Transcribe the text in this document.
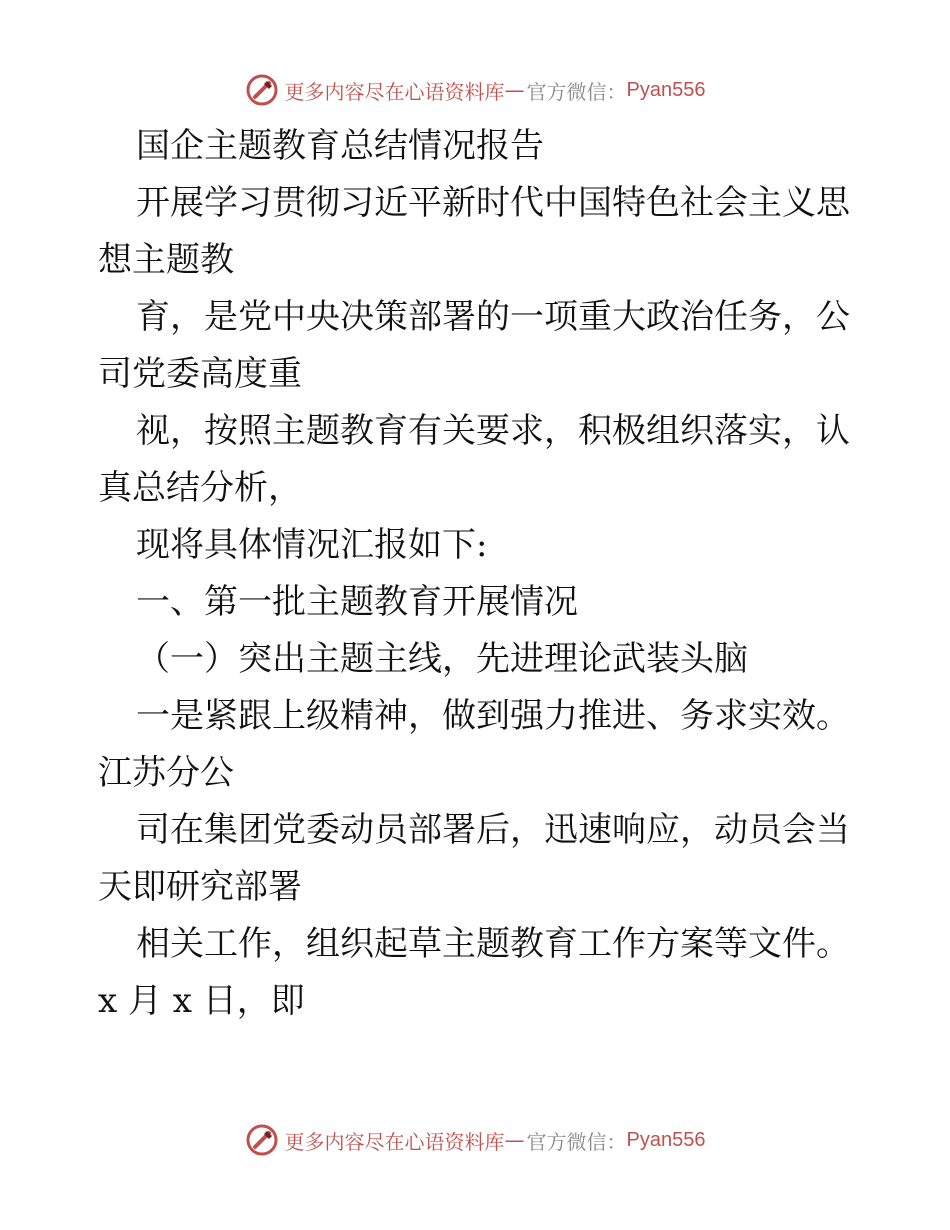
更多内容尽在心语资料库 — 官方微信： Pyan556
国企主题教育总结情况报告
开展学习贯彻习近平新时代中国特色社会主义思
想主题教
育，是党中央决策部署的一项重大政治任务，公
司党委高度重
视，按照主题教育有关要求，积极组织落实，认
真总结分析，
现将具体情况汇报如下:
一、第一批主题教育开展情况
（一）突出主题主线，先进理论武装头脑
一是紧跟上级精神，做到强力推进、务求实效。
江苏分公
司在集团党委动员部署后，迅速响应，动员会当
天即研究部署
相关工作，组织起草主题教育工作方案等文件。
x 月 x 日，即
更多内容尽在心语资料库 — 官方微信： Pyan556
